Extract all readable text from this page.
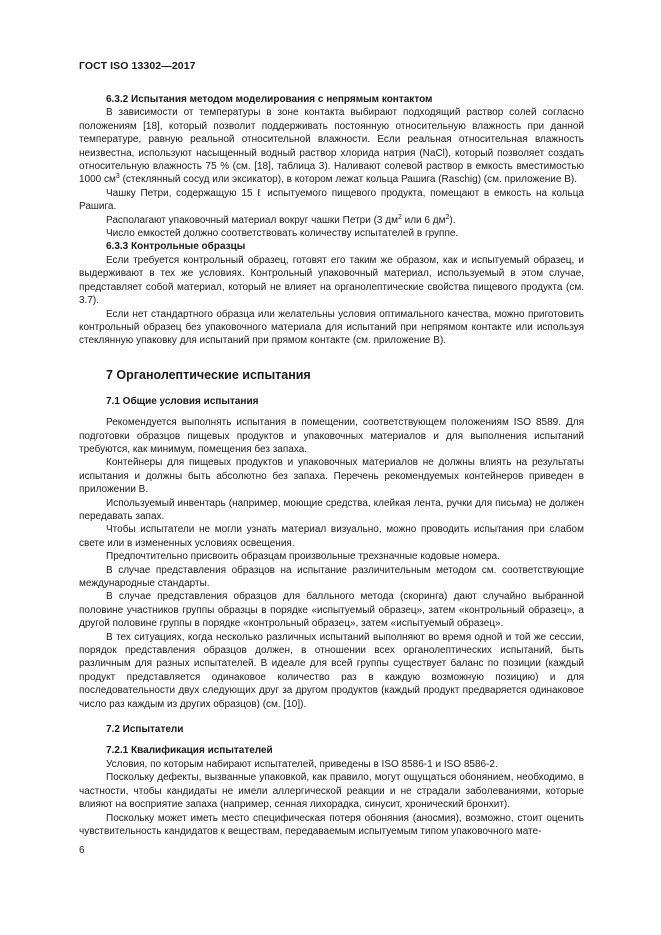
ГОСТ ISO 13302—2017
6.3.2 Испытания методом моделирования с непрямым контактом

В зависимости от температуры в зоне контакта выбирают подходящий раствор солей согласно положениям [18], который позволит поддерживать постоянную относительную влажность при данной температуре, равную реальной относительной влажности. Если реальная относительная влажность неизвестна, используют насыщенный водный раствор хлорида натрия (NaCl), который позволяет создать относительную влажность 75 % (см. [18], таблица 3). Наливают солевой раствор в емкость вместимостью 1000 $см^3$ (стеклянный сосуд или эксикатор), в котором лежат кольца Рашига (Raschig) (см. приложение В).

Чашку Петри, содержащую 15 ℓ испытуемого пищевого продукта, помещают в емкость на кольца Рашига.

Располагают упаковочный материал вокруг чашки Петри (3 $дм^2$ или 6 $дм^2$).

Число емкостей должно соответствовать количеству испытателей в группе.

6.3.3 Контрольные образцы

Если требуется контрольный образец, готовят его таким же образом, как и испытуемый образец, и выдерживают в тех же условиях. Контрольный упаковочный материал, используемый в этом случае, представляет собой материал, который не влияет на органолептические свойства пищевого продукта (см. 3.7).

Если нет стандартного образца или желательны условия оптимального качества, можно приготовить контрольный образец без упаковочного материала для испытаний при непрямом контакте или используя стеклянную упаковку для испытаний при прямом контакте (см. приложение В).

7 Органолептические испытания
7.1 Общие условия испытания

Рекомендуется выполнять испытания в помещении, соответствующем положениям ISO 8589. Для подготовки образцов пищевых продуктов и упаковочных материалов и для выполнения испытаний требуются, как минимум, помещения без запаха.

Контейнеры для пищевых продуктов и упаковочных материалов не должны влиять на результаты испытания и должны быть абсолютно без запаха. Перечень рекомендуемых контейнеров приведен в приложении В.

Используемый инвентарь (например, моющие средства, клейкая лента, ручки для письма) не должен передавать запах.

Чтобы испытатели не могли узнать материал визуально, можно проводить испытания при слабом свете или в измененных условиях освещения.

Предпочтительно присвоить образцам произвольные трехзначные кодовые номера.

В случае представления образцов на испытание различительным методом см. соответствующие международные стандарты.

В случае представления образцов для балльного метода (скоринга) дают случайно выбранной половине участников группы образцы в порядке «испытуемый образец», затем «контрольный образец», а другой половине группы в порядке «контрольный образец», затем «испытуемый образец».

В тех ситуациях, когда несколько различных испытаний выполняют во время одной и той же сессии, порядок представления образцов должен, в отношении всех органолептических испытаний, быть различным для разных испытателей. В идеале для всей группы существует баланс по позиции (каждый продукт представляется одинаковое количество раз в каждую возможную позицию) и для последовательности двух следующих друг за другом продуктов (каждый продукт предваряется одинаковое число раз каждым из других образцов) (см. [10]).

7.2 Испытатели
7.2.1 Квалификация испытателей

Условия, по которым набирают испытателей, приведены в ISO 8586-1 и ISO 8586-2.

Поскольку дефекты, вызванные упаковкой, как правило, могут ощущаться обонянием, необходимо, в частности, чтобы кандидаты не имели аллергической реакции и не страдали заболеваниями, которые влияют на восприятие запаха (например, сенная лихорадка, синусит, хронический бронхит).

Поскольку может иметь место специфическая потеря обоняния (аносмия), возможно, стоит оценить чувствительность кандидатов к веществам, передаваемым испытуемым типом упаковочного мате-

6
